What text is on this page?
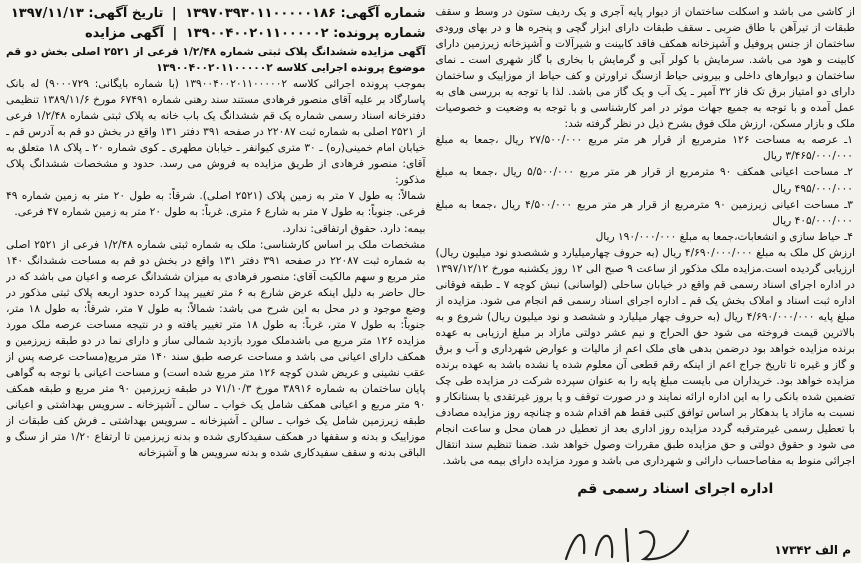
شماره آگهی: ۱۳۹۷۰۳۹۳۰۱۱۰۰۰۰۰۱۸۶ | تاریخ آگهی: ۱۳۹۷/۱۱/۱۳

شماره پرونده: ۱۳۹۰۰۴۰۰۲۰۱۱۰۰۰۰۰۲ | آگهی مزایده

آگهی مزایده ششدانگ پلاک ثبتی شماره ۱/۲/۴۸ فرعی از ۲۵۲۱ اصلی بخش دو قم موضوع پرونده اجرایی کلاسه ۱۳۹۰۰۴۰۰۲۰۱۱۰۰۰۰۰۲

بموجب پرونده اجرائی کلاسه ۱۳۹۰۰۴۰۰۲۰۱۱۰۰۰۰۰۲ (با شماره بایگانی: ۹۰۰۰۷۲۹) له بانک پاسارگاد بر علیه آقای منصور فرهادی مستند سند رهنی شماره ۶۷۴۹۱ مورخ ۱۳۸۹/۱۱/۶ تنظیمی دفترخانه اسناد رسمی شماره یک قم ششدانگ یک باب خانه به پلاک ثبتی شماره ۱/۲/۴۸ فرعی از ۲۵۲۱ اصلی به شماره ثبت ۲۲۰۸۷ در صفحه ۳۹۱ دفتر ۱۳۱ واقع در بخش دو قم به آدرس قم ـ خیابان امام خمینی(ره) ـ ۳۰ متری کیوانفر ـ خیابان مطهری ـ کوی شماره ۲۰ ـ پلاک ۱۸ متعلق به آقای: منصور فرهادی از طریق مزایده به فروش می رسد. حدود و مشخصات ششدانگ پلاک مذکور:

شمالاً: به طول ۷ متر به زمین پلاک (۲۵۲۱ اصلی). شرقاً: به طول ۲۰ متر به زمین شماره ۴۹ فرعی. جنوباً: به طول ۷ متر به شارع ۶ متری. غرباً: به طول ۲۰ متر به زمین شماره ۴۷ فرعی.

بیمه: دارد. حقوق ارتفاقی: ندارد.

مشخصات ملک بر اساس کارشناسی: ملک به شماره ثبتی شماره ۱/۲/۴۸ فرعی از ۲۵۲۱ اصلی به شماره ثبت ۲۲۰۸۷ در صفحه ۳۹۱ دفتر ۱۳۱ واقع در بخش دو قم به مساحت ششدانگ ۱۴۰ متر مربع و سهم مالکیت آقای: منصور فرهادی به میزان ششدانگ عرصه و اعیان می باشد که در حال حاضر به دلیل اینکه عرض شارع به ۶ متر تغییر پیدا کرده حدود اربعه پلاک ثبتی مذکور در وضع موجود و در محل به این شرح می باشد: شمالاً: به طول ۷ متر، شرقاً: به طول ۱۸ متر، جنوباً: به طول ۷ متر، غرباً: به طول ۱۸ متر تغییر یافته و در نتیجه مساحت عرصه ملک مورد مزایده ۱۲۶ متر مربع می باشدملک مورد بازدید شمالی ساز و دارای نما در دو طبقه زیرزمین و همکف دارای اعیانی می باشد و مساحت عرصه طبق سند ۱۴۰ متر مربع(مساحت عرصه پس از عقب نشینی و عریض شدن کوچه ۱۲۶ متر مربع شده است) و مساحت اعیانی با توجه به گواهی پایان ساختمان به شماره ۳۸۹۱۶ مورخ ۷۱/۱۰/۳ در طبقه زیرزمین ۹۰ متر مربع و طبقه همکف ۹۰ متر مربع و اعیانی همکف شامل یک خواب ـ سالن ـ آشپزخانه ـ سرویس بهداشتی و اعیانی طبقه زیرزمین شامل یک خواب ـ سالن ـ آشپزخانه ـ سرویس بهداشتی ـ فرش کف طبقات از موزاییک و بدنه و سقفها در همکف سفیدکاری شده و بدنه زیرزمین تا ارتفاع ۱/۲۰ متر از سنگ و الباقی بدنه و سقف سفیدکاری شده و بدنه سرویس ها و آشپزخانه

از کاشی می باشد و اسکلت ساختمان از دیوار پایه آجری و یک ردیف ستون در وسط و سقف طبقات از تیرآهن با طاق ضربی ـ سقف طبقات دارای ابزار گچی و پنجره ها و در بهای ورودی ساختمان از جنس پروفیل و آشپزخانه همکف فاقد کابینت و شیرآلات و آشپزخانه زیرزمین دارای کابینت و هود می باشد. سرمایش با کولر آبی و گرمایش با بخاری با گاز شهری است ـ نمای ساختمان و دیوارهای داخلی و بیرونی حیاط ازسنگ تراورتن و کف حیاط از موزاییک و ساختمان دارای دو امتیاز برق تک فاز ۳۲ آمپر ـ یک آب و یک گاز می باشد. لذا با توجه به بررسی های به عمل آمده و با توجه به جمیع جهات موثر در امر کارشناسی و با توجه به وضعیت و خصوصیات ملک و بازار مسکن، ارزش ملک فوق بشرح ذیل در نظر گرفته شد:

۱ـ عرصه به مساحت ۱۲۶ مترمربع از قرار هر متر مربع ۲۷/۵۰۰/۰۰۰ ریال ،جمعا به مبلغ ۳/۴۶۵/۰۰۰/۰۰۰ ریال

۲ـ مساحت اعیانی همکف ۹۰ مترمربع از قرار هر متر مربع ۵/۵۰۰/۰۰۰ ریال ،جمعا به مبلغ ۴۹۵/۰۰۰/۰۰۰ ریال

۳ـ مساحت اعیانی زیرزمین ۹۰ مترمربع از قرار هر متر مربع ۴/۵۰۰/۰۰۰ ریال ،جمعا به مبلغ ۴۰۵/۰۰۰/۰۰۰ ریال

۴ـ حیاط سازی و انشعابات،جمعا به مبلغ ۱۹۰/۰۰۰/۰۰۰ ریال

ارزش کل ملک به مبلغ ۴/۶۹۰/۰۰۰/۰۰۰ ریال (به حروف چهارمیلیارد و ششصدو نود میلیون ریال) ارزیابی گردیده است.مزایده ملک مذکور از ساعت ۹ صبح الی ۱۲ روز یکشنبه مورخ ۱۳۹۷/۱۲/۱۲ در اداره اجرای اسناد رسمی قم واقع در خیابان ساحلی (لواسانی) نبش کوچه ۷ ـ طبقه فوقانی اداره ثبت اسناد و املاک بخش یک قم ـ اداره اجرای اسناد رسمی قم انجام می شود. مزایده از مبلغ پایه ۴/۶۹۰/۰۰۰/۰۰۰ ریال (به حروف چهار میلیارد و ششصد و نود میلیون ریال) شروع و به بالاترین قیمت فروخته می شود حق الحراج و نیم عشر دولتی مازاد بر مبلغ ارزیابی به عهده برنده مزایده خواهد بود درضمن بدهی های ملک اعم از مالیات و عوارض شهرداری و آب و برق و گاز و غیره تا تاریخ جراج اعم از اینکه رقم قطعی آن معلوم شده یا نشده باشد به عهده برنده مزایده خواهد بود. خریداران می بایست مبلغ پایه را به عنوان سپرده شرکت در مزایده طی چک تضمین شده بانکی را به این اداره ارائه نمایند و در صورت توقف و یا بروز غیرتقدی یا بستانکار و نسبت به مازاد یا بدهکار بر اساس توافق کتبی فقط هم اقدام شده و چنانچه روز مزایده مصادف با تعطیل رسمی غیرمترقبه گردد مزایده روز اداری بعد از تعطیل در همان محل و ساعت انجام می شود و حقوق دولتی و حق مزایده طبق مقررات وصول خواهد شد. ضمنا تنظیم سند انتقال اجرائی منوط به مفاصاحساب دارائی و شهرداری می باشد و مورد مزایده دارای بیمه می باشد.

اداره اجرای اسناد رسمی قم
م الف ۱۷۳۴۲
